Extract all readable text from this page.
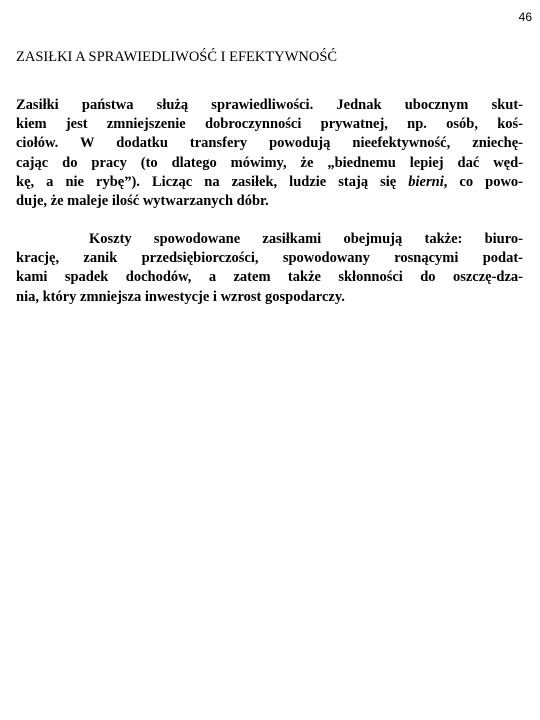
46
ZASIŁKI A SPRAWIEDLIWOŚĆ I EFEKTYWNOŚĆ
Zasiłki państwa służą sprawiedliwości. Jednak ubocznym skut-
kiem jest zmniejszenie dobroczynności prywatnej, np. osób, koś-
ciołów. W dodatku transfery powodują nieefektywność, zniechę-
cając do pracy (to dlatego mówimy, że „biednemu lepiej dać węd-
kę, a nie rybę”). Licząc na zasiłek, ludzie stają się bierni, co powo-
duje, że maleje ilość wytwarzanych dóbr.
Koszty spowodowane zasiłkami obejmują także: biuro-
krację, zanik przedsiębiorczości, spowodowany rosnącymi podat-
kami spadek dochodów, a zatem także skłonności do oszczę-dza-
nia, który zmniejsza inwestycje i wzrost gospodarczy.
